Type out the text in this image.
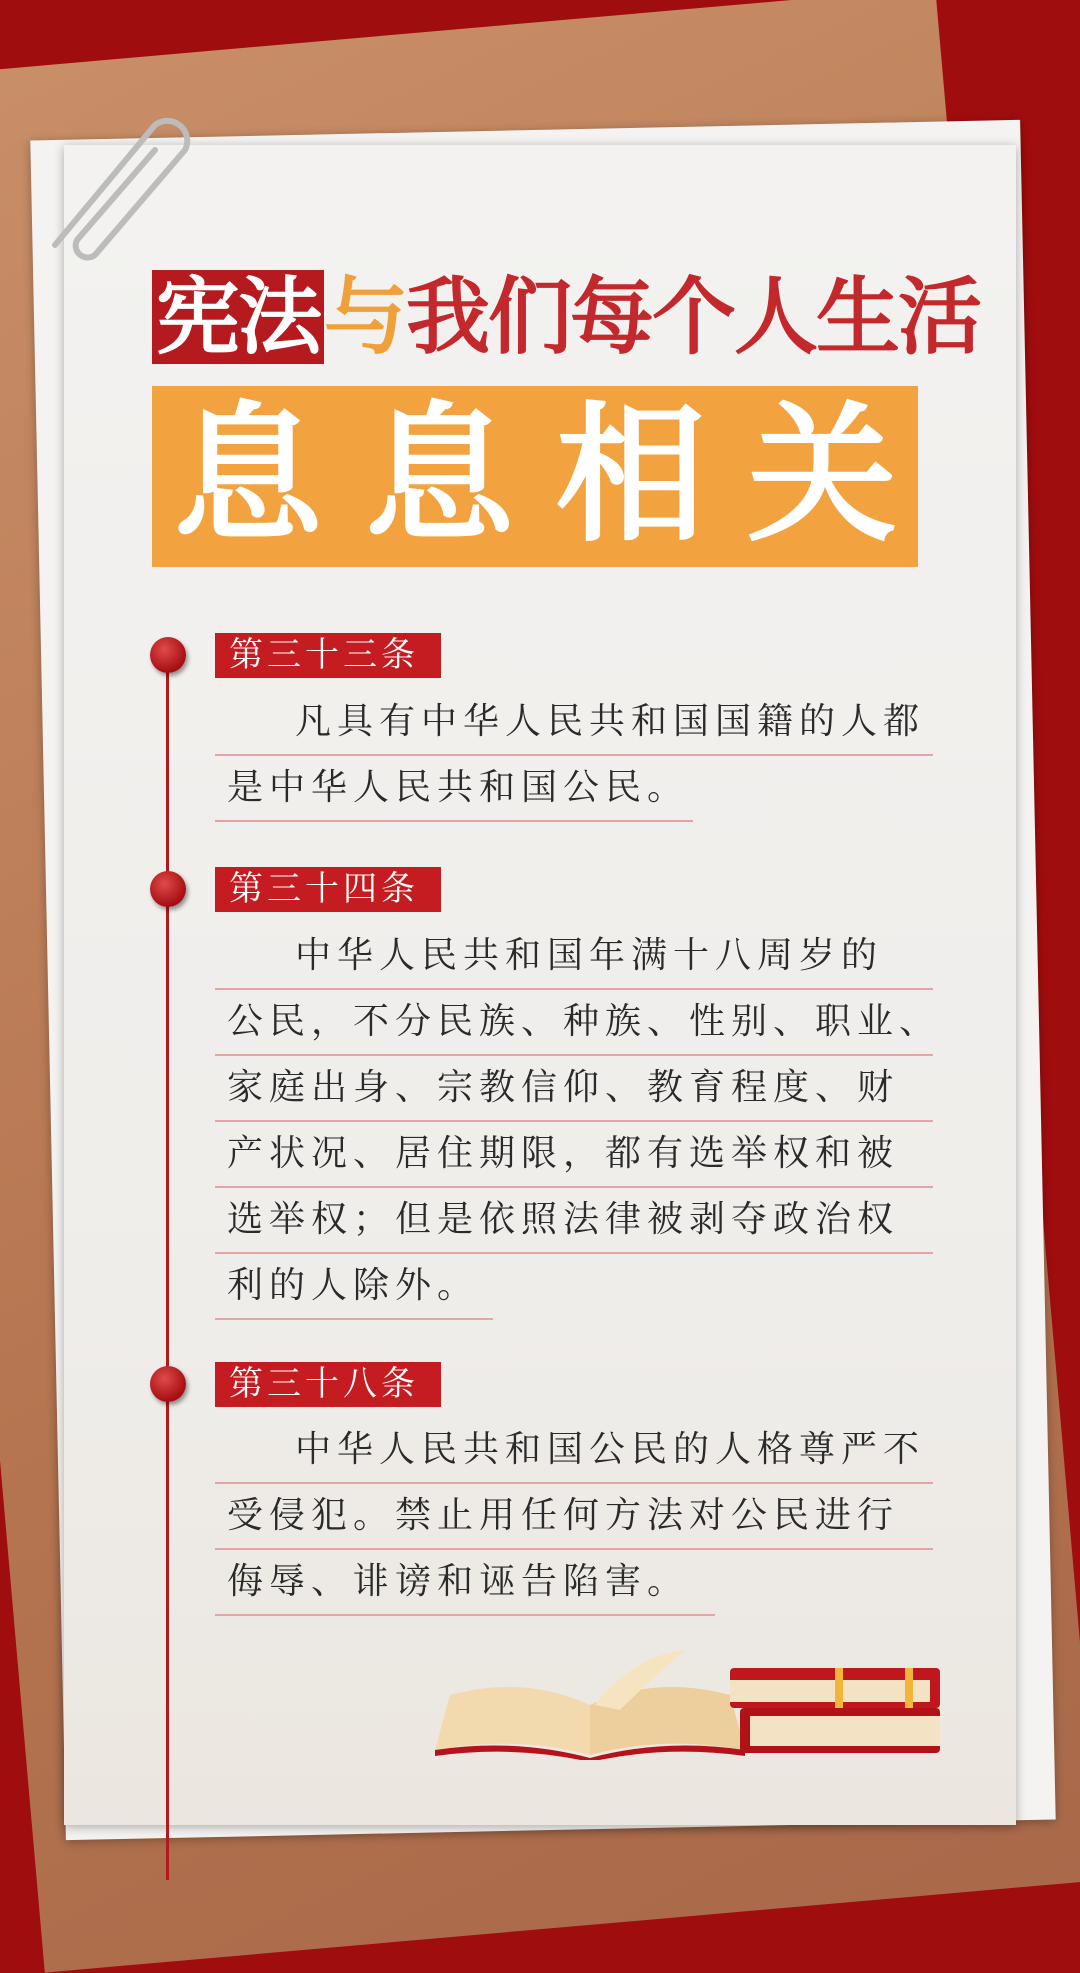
宪法 与 我们每个人生活
息 息 相 关
第三十三条
凡具有中华人民共和国国籍的人都
是中华人民共和国公民。
第三十四条
中华人民共和国年满十八周岁的
公民，不分民族、种族、性别、职业、
家庭出身、宗教信仰、教育程度、财
产状况、居住期限，都有选举权和被
选举权；但是依照法律被剥夺政治权
利的人除外。
第三十八条
中华人民共和国公民的人格尊严不
受侵犯。禁止用任何方法对公民进行
侮辱、诽谤和诬告陷害。
